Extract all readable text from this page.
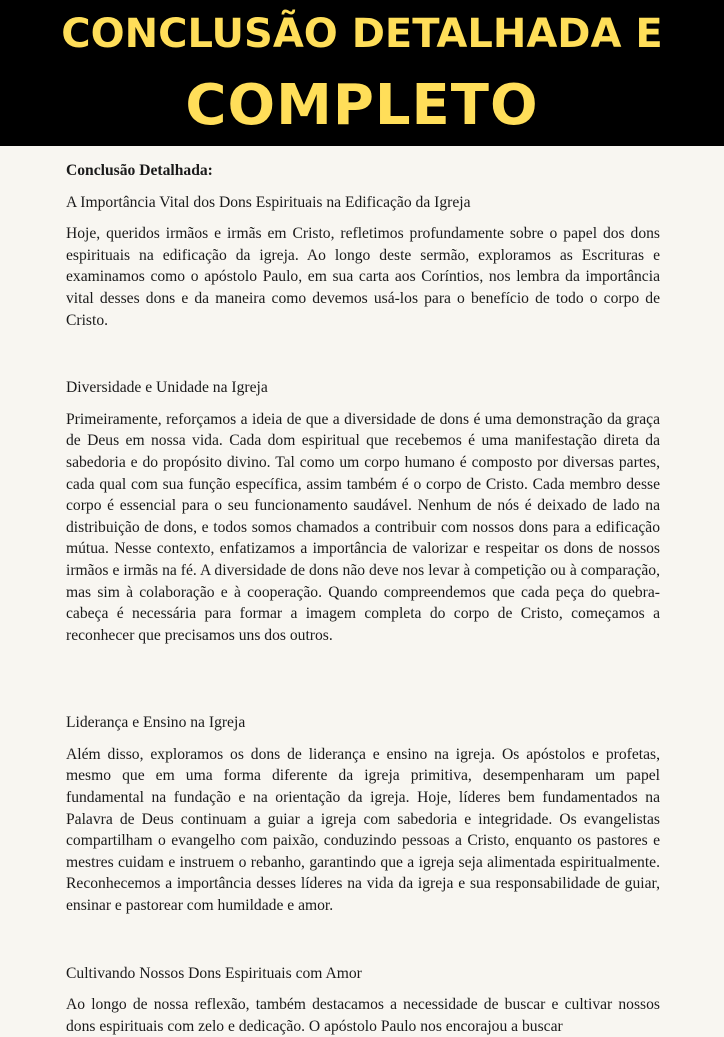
CONCLUSÃO DETALHADA E
COMPLETO
Conclusão Detalhada:
A Importância Vital dos Dons Espirituais na Edificação da Igreja

Hoje, queridos irmãos e irmãs em Cristo, refletimos profundamente sobre o papel dos dons espirituais na edificação da igreja. Ao longo deste sermão, exploramos as Escrituras e examinamos como o apóstolo Paulo, em sua carta aos Coríntios, nos lembra da importância vital desses dons e da maneira como devemos usá-los para o benefício de todo o corpo de Cristo.

Diversidade e Unidade na Igreja

Primeiramente, reforçamos a ideia de que a diversidade de dons é uma demonstração da graça de Deus em nossa vida. Cada dom espiritual que recebemos é uma manifestação direta da sabedoria e do propósito divino. Tal como um corpo humano é composto por diversas partes, cada qual com sua função específica, assim também é o corpo de Cristo. Cada membro desse corpo é essencial para o seu funcionamento saudável. Nenhum de nós é deixado de lado na distribuição de dons, e todos somos chamados a contribuir com nossos dons para a edificação mútua. Nesse contexto, enfatizamos a importância de valorizar e respeitar os dons de nossos irmãos e irmãs na fé. A diversidade de dons não deve nos levar à competição ou à comparação, mas sim à colaboração e à cooperação. Quando compreendemos que cada peça do quebra-cabeça é necessária para formar a imagem completa do corpo de Cristo, começamos a reconhecer que precisamos uns dos outros.

Liderança e Ensino na Igreja

Além disso, exploramos os dons de liderança e ensino na igreja. Os apóstolos e profetas, mesmo que em uma forma diferente da igreja primitiva, desempenharam um papel fundamental na fundação e na orientação da igreja. Hoje, líderes bem fundamentados na Palavra de Deus continuam a guiar a igreja com sabedoria e integridade. Os evangelistas compartilham o evangelho com paixão, conduzindo pessoas a Cristo, enquanto os pastores e mestres cuidam e instruem o rebanho, garantindo que a igreja seja alimentada espiritualmente. Reconhecemos a importância desses líderes na vida da igreja e sua responsabilidade de guiar, ensinar e pastorear com humildade e amor.

Cultivando Nossos Dons Espirituais com Amor

Ao longo de nossa reflexão, também destacamos a necessidade de buscar e cultivar nossos dons espirituais com zelo e dedicação. O apóstolo Paulo nos encorajou a buscar
